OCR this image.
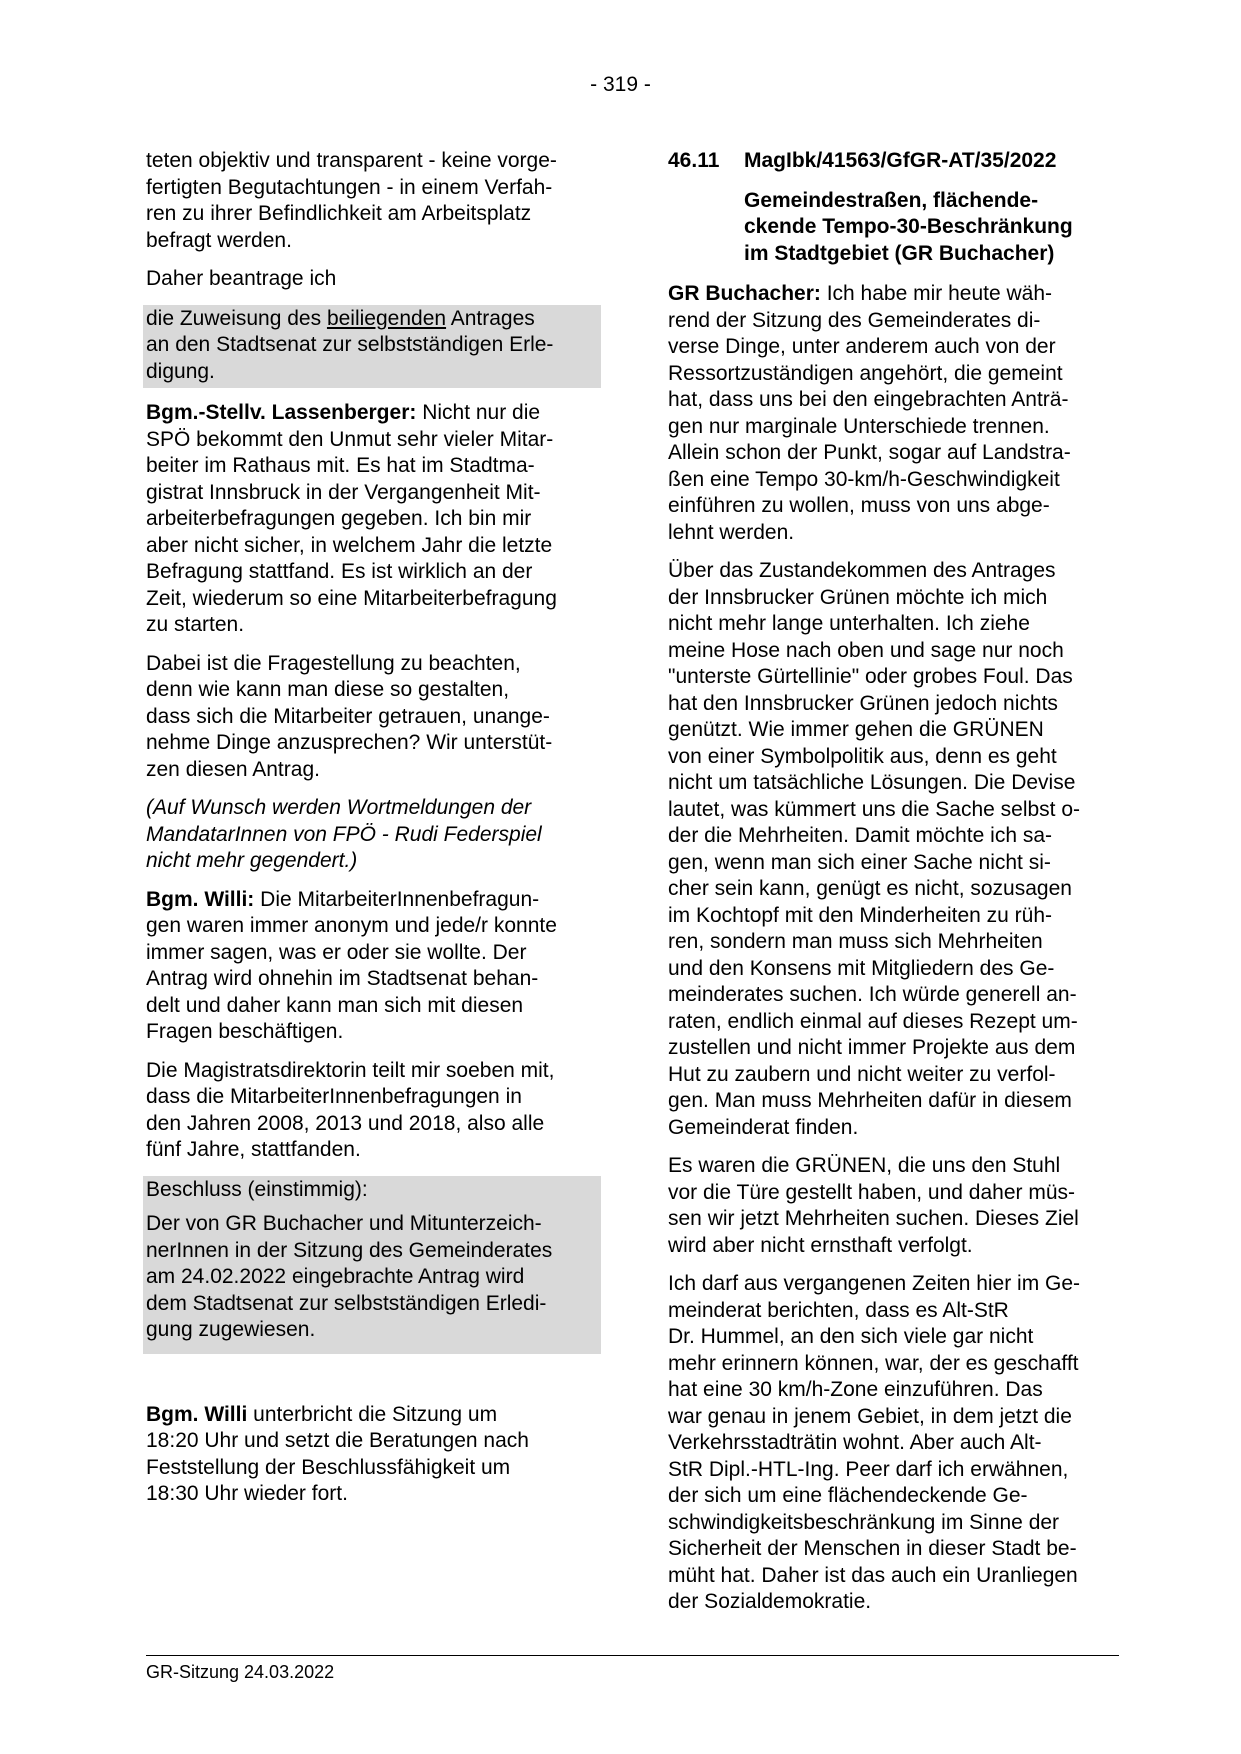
- 319 -

teten objektiv und transparent - keine vorge-
fertigten Begutachtungen - in einem Verfah-
ren zu ihrer Befindlichkeit am Arbeitsplatz
befragt werden.

Daher beantrage ich

die Zuweisung des beiliegenden Antrages
an den Stadtsenat zur selbstständigen Erle-
digung.

Bgm.-Stellv. Lassenberger: Nicht nur die
SPÖ bekommt den Unmut sehr vieler Mitar-
beiter im Rathaus mit. Es hat im Stadtma-
gistrat Innsbruck in der Vergangenheit Mit-
arbeiterbefragungen gegeben. Ich bin mir
aber nicht sicher, in welchem Jahr die letzte
Befragung stattfand. Es ist wirklich an der
Zeit, wiederum so eine Mitarbeiterbefragung
zu starten.

Dabei ist die Fragestellung zu beachten,
denn wie kann man diese so gestalten,
dass sich die Mitarbeiter getrauen, unange-
nehme Dinge anzusprechen? Wir unterstüt-
zen diesen Antrag.

(Auf Wunsch werden Wortmeldungen der
MandatarInnen von FPÖ - Rudi Federspiel
nicht mehr gegendert.)

Bgm. Willi: Die MitarbeiterInnenbefragun-
gen waren immer anonym und jede/r konnte
immer sagen, was er oder sie wollte. Der
Antrag wird ohnehin im Stadtsenat behan-
delt und daher kann man sich mit diesen
Fragen beschäftigen.

Die Magistratsdirektorin teilt mir soeben mit,
dass die MitarbeiterInnenbefragungen in
den Jahren 2008, 2013 und 2018, also alle
fünf Jahre, stattfanden.

Beschluss (einstimmig):
Der von GR Buchacher und Mitunterzeich-
nerInnen in der Sitzung des Gemeinderates
am 24.02.2022 eingebrachte Antrag wird
dem Stadtsenat zur selbstständigen Erledi-
gung zugewiesen.

Bgm. Willi unterbricht die Sitzung um
18:20 Uhr und setzt die Beratungen nach
Feststellung der Beschlussfähigkeit um
18:30 Uhr wieder fort.

46.11	MagIbk/41563/GfGR-AT/35/2022
Gemeindestraßen, flächende-
ckende Tempo-30-Beschränkung
im Stadtgebiet (GR Buchacher)

GR Buchacher: Ich habe mir heute wäh-
rend der Sitzung des Gemeinderates di-
verse Dinge, unter anderem auch von der
Ressortzuständigen angehört, die gemeint
hat, dass uns bei den eingebrachten Anträ-
gen nur marginale Unterschiede trennen.
Allein schon der Punkt, sogar auf Landstra-
ßen eine Tempo 30-km/h-Geschwindigkeit
einführen zu wollen, muss von uns abge-
lehnt werden.

Über das Zustandekommen des Antrages
der Innsbrucker Grünen möchte ich mich
nicht mehr lange unterhalten. Ich ziehe
meine Hose nach oben und sage nur noch
"unterste Gürtellinie" oder grobes Foul. Das
hat den Innsbrucker Grünen jedoch nichts
genützt. Wie immer gehen die GRÜNEN
von einer Symbolpolitik aus, denn es geht
nicht um tatsächliche Lösungen. Die Devise
lautet, was kümmert uns die Sache selbst o-
der die Mehrheiten. Damit möchte ich sa-
gen, wenn man sich einer Sache nicht si-
cher sein kann, genügt es nicht, sozusagen
im Kochtopf mit den Minderheiten zu rüh-
ren, sondern man muss sich Mehrheiten
und den Konsens mit Mitgliedern des Ge-
meinderates suchen. Ich würde generell an-
raten, endlich einmal auf dieses Rezept um-
zustellen und nicht immer Projekte aus dem
Hut zu zaubern und nicht weiter zu verfol-
gen. Man muss Mehrheiten dafür in diesem
Gemeinderat finden.

Es waren die GRÜNEN, die uns den Stuhl
vor die Türe gestellt haben, und daher müs-
sen wir jetzt Mehrheiten suchen. Dieses Ziel
wird aber nicht ernsthaft verfolgt.

Ich darf aus vergangenen Zeiten hier im Ge-
meinderat berichten, dass es Alt-StR
Dr. Hummel, an den sich viele gar nicht
mehr erinnern können, war, der es geschafft
hat eine 30 km/h-Zone einzuführen. Das
war genau in jenem Gebiet, in dem jetzt die
Verkehrsstadträtin wohnt. Aber auch Alt-
StR Dipl.-HTL-Ing. Peer darf ich erwähnen,
der sich um eine flächendeckende Ge-
schwindigkeitsbeschränkung im Sinne der
Sicherheit der Menschen in dieser Stadt be-
müht hat. Daher ist das auch ein Uranliegen
der Sozialdemokratie.

GR-Sitzung 24.03.2022
